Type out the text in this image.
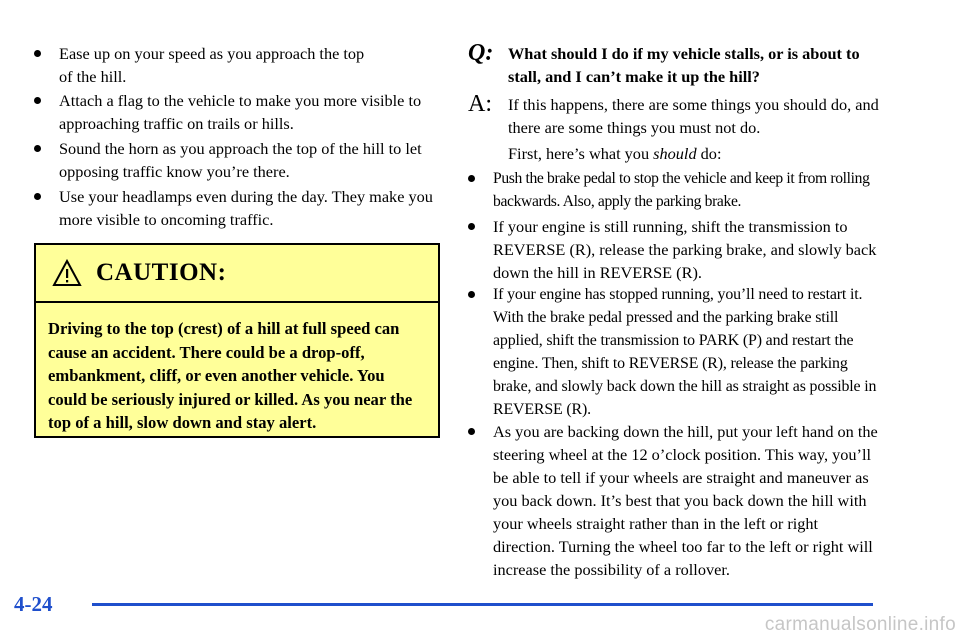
Ease up on your speed as you approach the top
of the hill.
Attach a flag to the vehicle to make you more visible to approaching traffic on trails or hills.
Sound the horn as you approach the top of the hill to let opposing traffic know you’re there.
Use your headlamps even during the day. They make you more visible to oncoming traffic.
CAUTION:
Driving to the top (crest) of a hill at full speed can cause an accident. There could be a drop-off, embankment, cliff, or even another vehicle. You could be seriously injured or killed. As you near the top of a hill, slow down and stay alert.
Q: What should I do if my vehicle stalls, or is about to stall, and I can’t make it up the hill?
A: If this happens, there are some things you should do, and there are some things you must not do.
First, here’s what you should do:
Push the brake pedal to stop the vehicle and keep it from rolling backwards. Also, apply the parking brake.
If your engine is still running, shift the transmission to REVERSE (R), release the parking brake, and slowly back down the hill in REVERSE (R).
If your engine has stopped running, you’ll need to restart it. With the brake pedal pressed and the parking brake still applied, shift the transmission to PARK (P) and restart the engine. Then, shift to REVERSE (R), release the parking brake, and slowly back down the hill as straight as possible in REVERSE (R).
As you are backing down the hill, put your left hand on the steering wheel at the 12 o’clock position. This way, you’ll be able to tell if your wheels are straight and maneuver as you back down. It’s best that you back down the hill with your wheels straight rather than in the left or right direction. Turning the wheel too far to the left or right will increase the possibility of a rollover.
4-24
carmanualsonline.info
